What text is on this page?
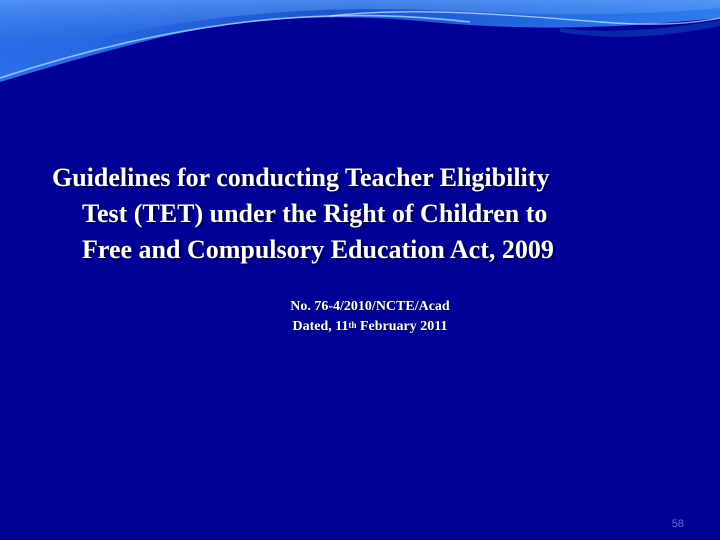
Guidelines for conducting Teacher Eligibility
Test (TET) under the Right of Children to
Free and Compulsory Education Act, 2009
No. 76-4/2010/NCTE/Acad
Dated, 11th February 2011
58
